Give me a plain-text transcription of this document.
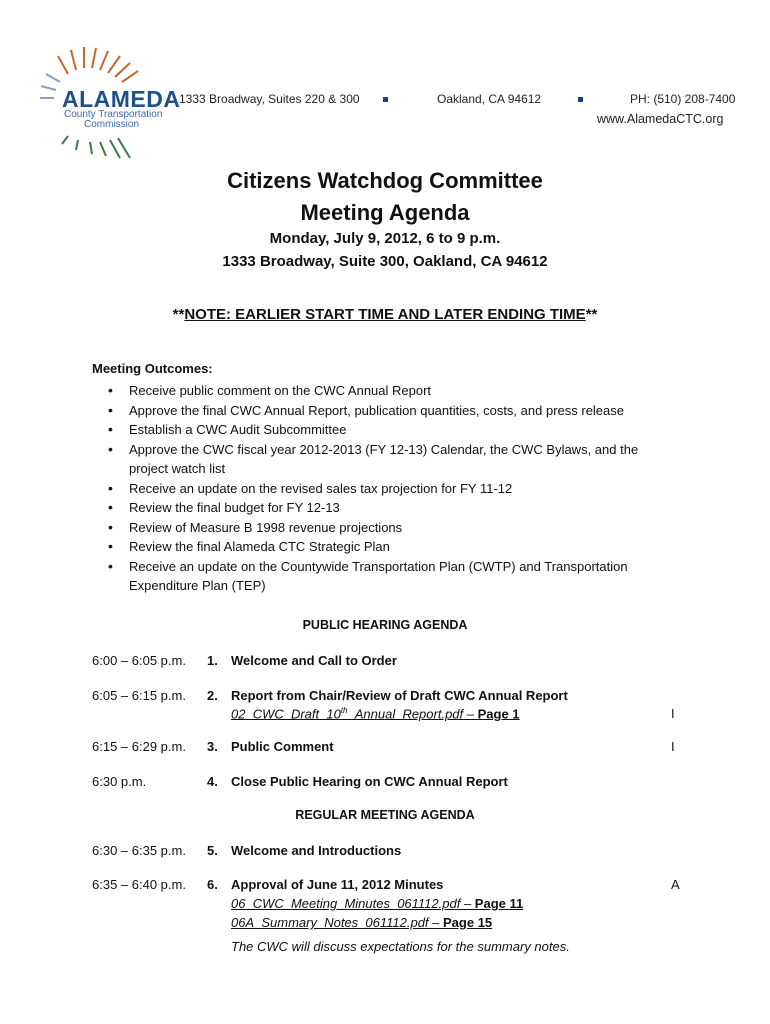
ALAMEDA
County Transportation
Commission
1333 Broadway, Suites 220 & 300	Oakland, CA 94612	PH: (510) 208-7400
www.AlamedaCTC.org
Citizens Watchdog Committee
Meeting Agenda
Monday, July 9, 2012, 6 to 9 p.m.
1333 Broadway, Suite 300, Oakland, CA 94612
**NOTE: EARLIER START TIME AND LATER ENDING TIME**
Meeting Outcomes:
• Receive public comment on the CWC Annual Report
• Approve the final CWC Annual Report, publication quantities, costs, and press release
• Establish a CWC Audit Subcommittee
• Approve the CWC fiscal year 2012-2013 (FY 12-13) Calendar, the CWC Bylaws, and the project watch list
• Receive an update on the revised sales tax projection for FY 11-12
• Review the final budget for FY 12-13
• Review of Measure B 1998 revenue projections
• Review the final Alameda CTC Strategic Plan
• Receive an update on the Countywide Transportation Plan (CWTP) and Transportation Expenditure Plan (TEP)
PUBLIC HEARING AGENDA
6:00 – 6:05 p.m. 1. Welcome and Call to Order
6:05 – 6:15 p.m. 2. Report from Chair/Review of Draft CWC Annual Report
02_CWC_Draft_10th_Annual_Report.pdf – Page 1	I
6:15 – 6:29 p.m. 3. Public Comment	I
6:30 p.m.	4. Close Public Hearing on CWC Annual Report
REGULAR MEETING AGENDA
6:30 – 6:35 p.m. 5. Welcome and Introductions
6:35 – 6:40 p.m. 6. Approval of June 11, 2012 Minutes	A
06_CWC_Meeting_Minutes_061112.pdf – Page 11
06A_Summary_Notes_061112.pdf – Page 15
The CWC will discuss expectations for the summary notes.
